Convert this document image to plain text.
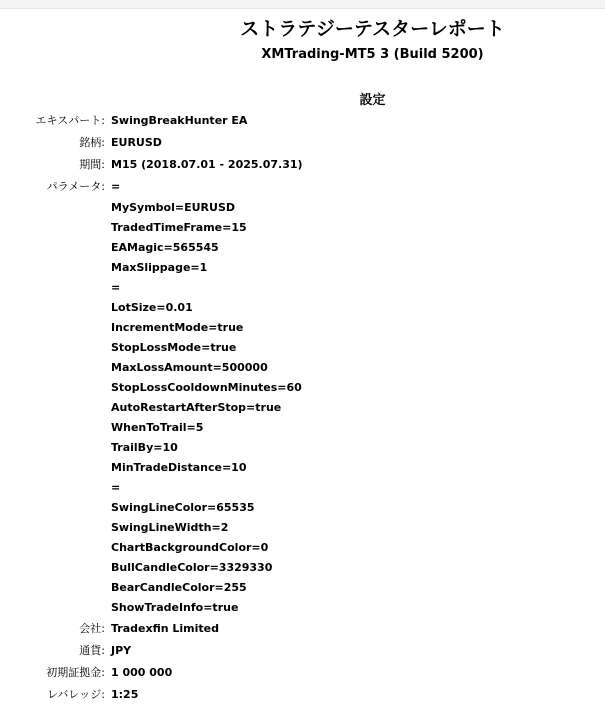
ストラテジーテスターレポート
XMTrading-MT5 3 (Build 5200)
設定
エキスパート: SwingBreakHunter EA
銘柄: EURUSD
期間: M15 (2018.07.01 - 2025.07.31)
パラメータ: =
MySymbol=EURUSD
TradedTimeFrame=15
EAMagic=565545
MaxSlippage=1
=
LotSize=0.01
IncrementMode=true
StopLossMode=true
MaxLossAmount=500000
StopLossCooldownMinutes=60
AutoRestartAfterStop=true
WhenToTrail=5
TrailBy=10
MinTradeDistance=10
=
SwingLineColor=65535
SwingLineWidth=2
ChartBackgroundColor=0
BullCandleColor=3329330
BearCandleColor=255
ShowTradeInfo=true
会社: Tradexfin Limited
通貨: JPY
初期証拠金: 1 000 000
レバレッジ: 1:25
